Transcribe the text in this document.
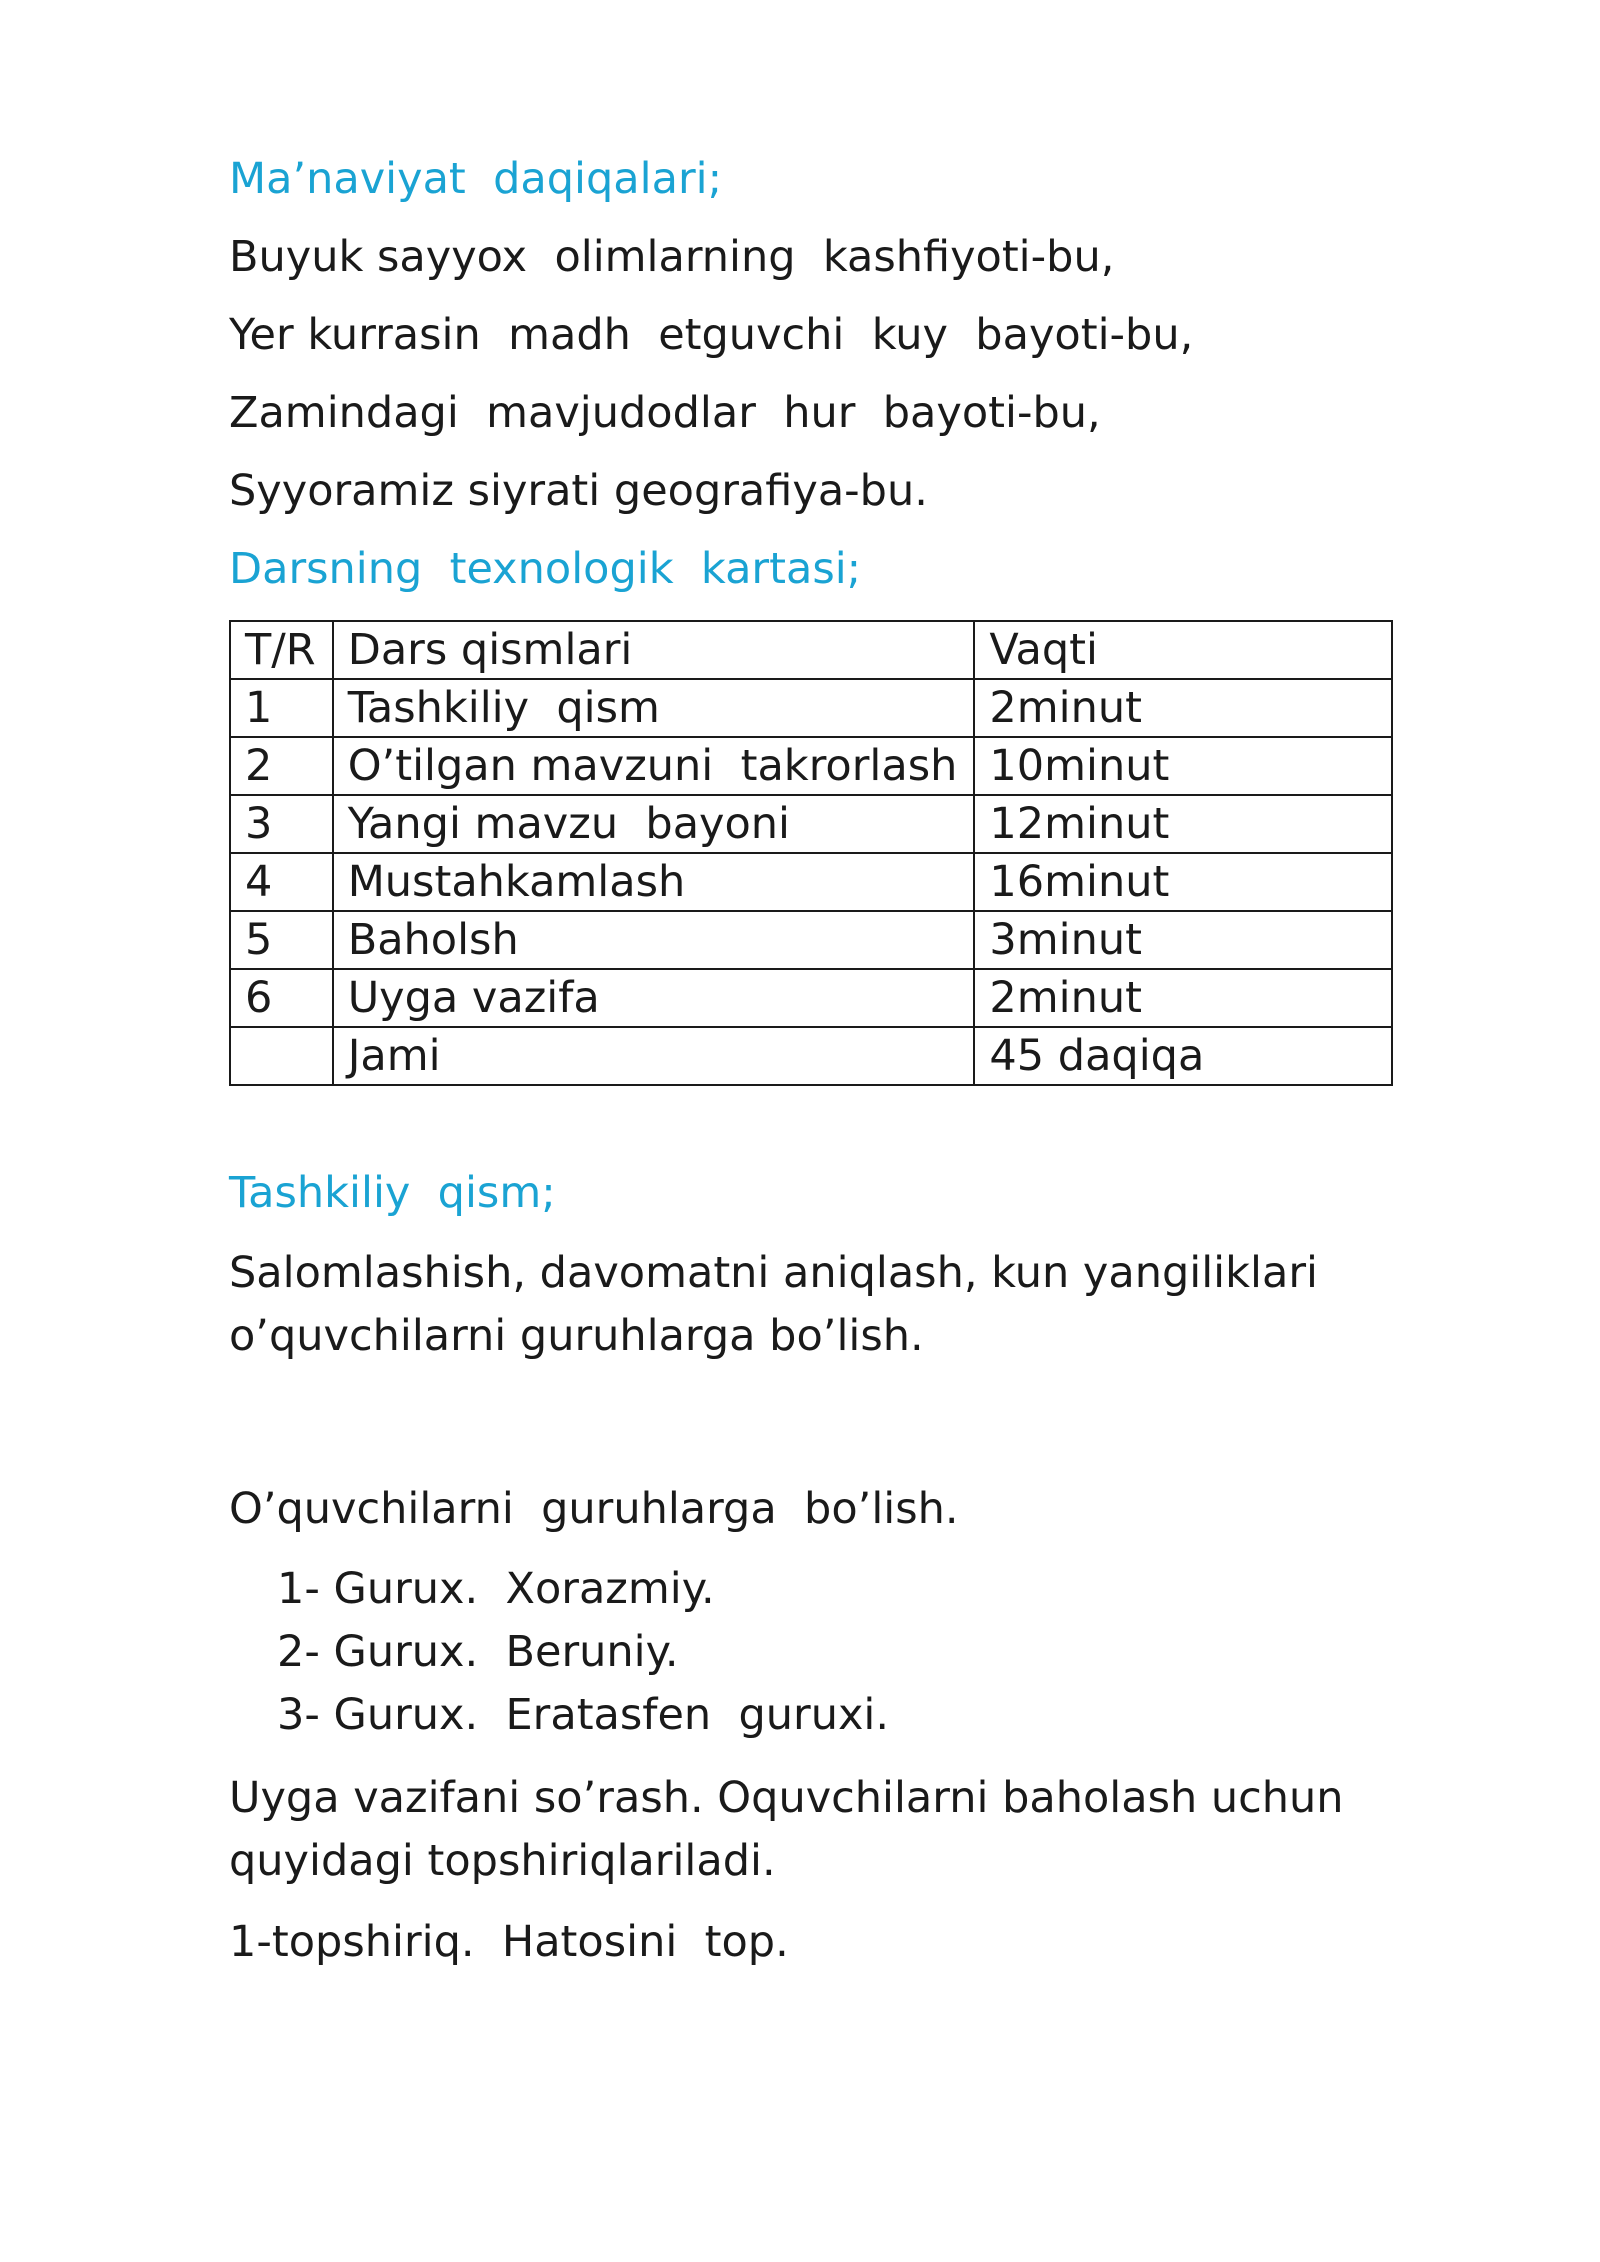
Ma’naviyat  daqiqalari;

Buyuk sayyox  olimlarning  kashfiyoti-bu,

Yer kurrasin  madh  etguvchi  kuy  bayoti-bu,

Zamindagi  mavjudodlar  hur  bayoti-bu,

Syyoramiz siyrati geografiya-bu.

Darsning  texnologik  kartasi;

T/R	Dars qismlari	Vaqti
1	Tashkiliy  qism	2minut
2	O’tilgan mavzuni  takrorlash	10minut
3	Yangi mavzu  bayoni	12minut
4	Mustahkamlash	16minut
5	Baholsh	3minut
6	Uyga vazifa	2minut
	Jami	45 daqiqa

Tashkiliy  qism;

Salomlashish, davomatni aniqlash, kun yangiliklari
o’quvchilarni guruhlarga bo’lish.

O’quvchilarni  guruhlarga  bo’lish.

1- Gurux.  Xorazmiy.
2- Gurux.  Beruniy.
3- Gurux.  Eratasfen  guruxi.

Uyga vazifani so’rash. Oquvchilarni baholash uchun
quyidagi topshiriqlariladi.

1-topshiriq.  Hatosini  top.
